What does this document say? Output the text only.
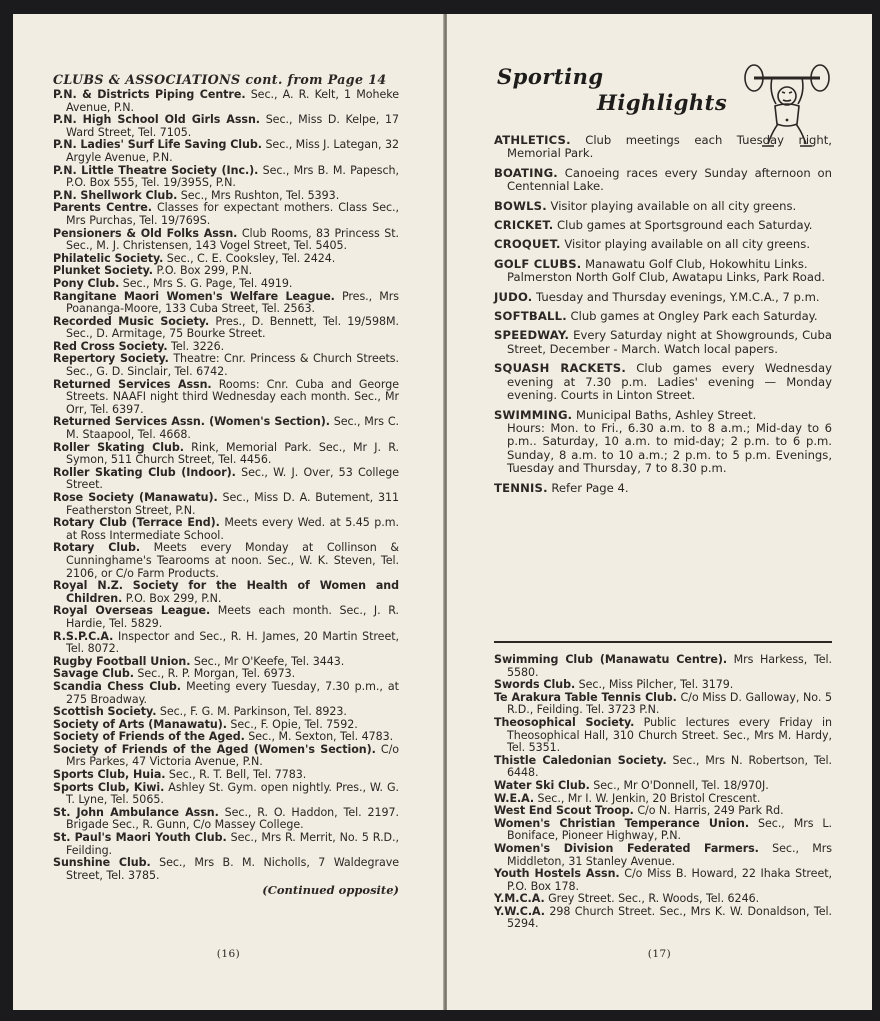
CLUBS & ASSOCIATIONS cont. from Page 14

P.N. & Districts Piping Centre. Sec., A. R. Kelt, 1 Moheke Avenue, P.N.

P.N. High School Old Girls Assn. Sec., Miss D. Kelpe, 17 Ward Street, Tel. 7105.

P.N. Ladies' Surf Life Saving Club. Sec., Miss J. Lategan, 32 Argyle Avenue, P.N.

P.N. Little Theatre Society (Inc.). Sec., Mrs B. M. Papesch, P.O. Box 555, Tel. 19/395S, P.N.

P.N. Shellwork Club. Sec., Mrs Rushton, Tel. 5393.

Parents Centre. Classes for expectant mothers. Class Sec., Mrs Purchas, Tel. 19/769S.

Pensioners & Old Folks Assn. Club Rooms, 83 Princess St. Sec., M. J. Christensen, 143 Vogel Street, Tel. 5405.

Philatelic Society. Sec., C. E. Cooksley, Tel. 2424.

Plunket Society. P.O. Box 299, P.N.

Pony Club. Sec., Mrs S. G. Page, Tel. 4919.

Rangitane Maori Women's Welfare League. Pres., Mrs Poananga-Moore, 133 Cuba Street, Tel. 2563.

Recorded Music Society. Pres., D. Bennett, Tel. 19/598M. Sec., D. Armitage, 75 Bourke Street.

Red Cross Society. Tel. 3226.

Repertory Society. Theatre: Cnr. Princess & Church Streets. Sec., G. D. Sinclair, Tel. 6742.

Returned Services Assn. Rooms: Cnr. Cuba and George Streets. NAAFI night third Wednesday each month. Sec., Mr Orr, Tel. 6397.

Returned Services Assn. (Women's Section). Sec., Mrs C. M. Staapool, Tel. 4668.

Roller Skating Club. Rink, Memorial Park. Sec., Mr J. R. Symon, 511 Church Street, Tel. 4456.

Roller Skating Club (Indoor). Sec., W. J. Over, 53 College Street.

Rose Society (Manawatu). Sec., Miss D. A. Butement, 311 Featherston Street, P.N.

Rotary Club (Terrace End). Meets every Wed. at 5.45 p.m. at Ross Intermediate School.

Rotary Club. Meets every Monday at Collinson & Cunninghame's Tearooms at noon. Sec., W. K. Steven, Tel. 2106, or C/o Farm Products.

Royal N.Z. Society for the Health of Women and Children. P.O. Box 299, P.N.

Royal Overseas League. Meets each month. Sec., J. R. Hardie, Tel. 5829.

R.S.P.C.A. Inspector and Sec., R. H. James, 20 Martin Street, Tel. 8072.

Rugby Football Union. Sec., Mr O'Keefe, Tel. 3443.

Savage Club. Sec., R. P. Morgan, Tel. 6973.

Scandia Chess Club. Meeting every Tuesday, 7.30 p.m., at 275 Broadway.

Scottish Society. Sec., F. G. M. Parkinson, Tel. 8923.

Society of Arts (Manawatu). Sec., F. Opie, Tel. 7592.

Society of Friends of the Aged. Sec., M. Sexton, Tel. 4783.

Society of Friends of the Aged (Women's Section). C/o Mrs Parkes, 47 Victoria Avenue, P.N.

Sports Club, Huia. Sec., R. T. Bell, Tel. 7783.

Sports Club, Kiwi. Ashley St. Gym. open nightly. Pres., W. G. T. Lyne, Tel. 5065.

St. John Ambulance Assn. Sec., R. O. Haddon, Tel. 2197. Brigade Sec., R. Gunn, C/o Massey College.

St. Paul's Maori Youth Club. Sec., Mrs R. Merrit, No. 5 R.D., Feilding.

Sunshine Club. Sec., Mrs B. M. Nicholls, 7 Waldegrave Street, Tel. 3785.

(Continued opposite)
(16)
Sporting
Highlights

ATHLETICS. Club meetings each Tuesday night, Memorial Park.

BOATING. Canoeing races every Sunday afternoon on Centennial Lake.

BOWLS. Visitor playing available on all city greens.

CRICKET. Club games at Sportsground each Saturday.

CROQUET. Visitor playing available on all city greens.

GOLF CLUBS. Manawatu Golf Club, Hokowhitu Links.
Palmerston North Golf Club, Awatapu Links, Park Road.

JUDO. Tuesday and Thursday evenings, Y.M.C.A., 7 p.m.

SOFTBALL. Club games at Ongley Park each Saturday.

SPEEDWAY. Every Saturday night at Showgrounds, Cuba Street, December - March. Watch local papers.

SQUASH RACKETS. Club games every Wednesday evening at 7.30 p.m. Ladies' evening — Monday evening. Courts in Linton Street.

SWIMMING. Municipal Baths, Ashley Street.
Hours: Mon. to Fri., 6.30 a.m. to 8 a.m.; Mid-day to 6 p.m.. Saturday, 10 a.m. to mid-day; 2 p.m. to 6 p.m. Sunday, 8 a.m. to 10 a.m.; 2 p.m. to 5 p.m. Evenings, Tuesday and Thursday, 7 to 8.30 p.m.

TENNIS. Refer Page 4.

Swimming Club (Manawatu Centre). Mrs Harkess, Tel. 5580.

Swords Club. Sec., Miss Pilcher, Tel. 3179.

Te Arakura Table Tennis Club. C/o Miss D. Galloway, No. 5 R.D., Feilding. Tel. 3723 P.N.

Theosophical Society. Public lectures every Friday in Theosophical Hall, 310 Church Street. Sec., Mrs M. Hardy, Tel. 5351.

Thistle Caledonian Society. Sec., Mrs N. Robertson, Tel. 6448.

Water Ski Club. Sec., Mr O'Donnell, Tel. 18/970J.

W.E.A. Sec., Mr I. W. Jenkin, 20 Bristol Crescent.

West End Scout Troop. C/o N. Harris, 249 Park Rd.

Women's Christian Temperance Union. Sec., Mrs L. Boniface, Pioneer Highway, P.N.

Women's Division Federated Farmers. Sec., Mrs Middleton, 31 Stanley Avenue.

Youth Hostels Assn. C/o Miss B. Howard, 22 Ihaka Street, P.O. Box 178.

Y.M.C.A. Grey Street. Sec., R. Woods, Tel. 6246.

Y.W.C.A. 298 Church Street. Sec., Mrs K. W. Donaldson, Tel. 5294.

(17)
